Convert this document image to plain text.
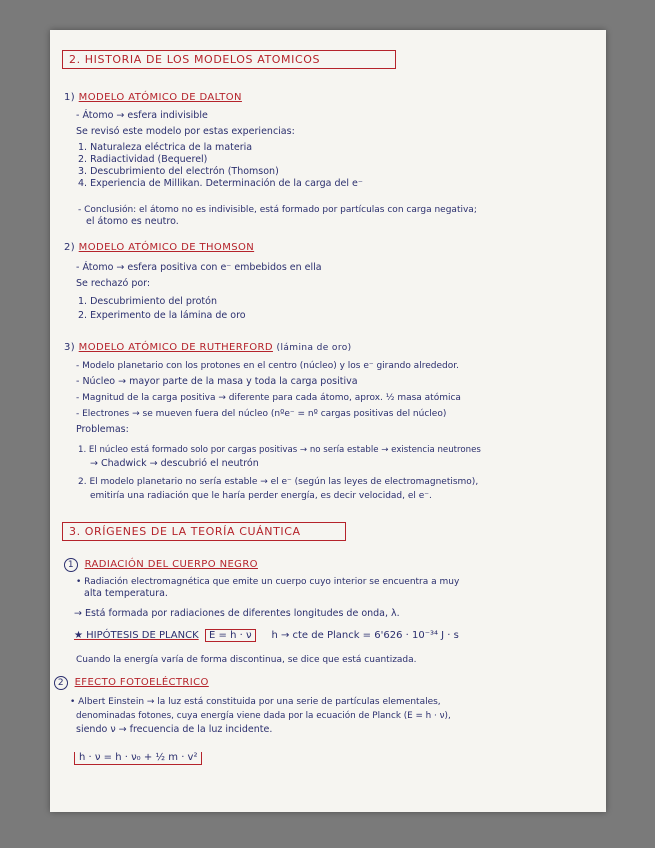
2. HISTORIA DE LOS MODELOS ATOMICOS
1) MODELO ATÓMICO DE DALTON
- Átomo → esfera indivisible
Se revisó este modelo por estas experiencias:
1. Naturaleza eléctrica de la materia
2. Radiactividad (Bequerel)
3. Descubrimiento del electrón (Thomson)
4. Experiencia de Millikan. Determinación de la carga del e⁻
- Conclusión: el átomo no es indivisible, está formado por partículas con carga negativa;
el átomo es neutro.
2) MODELO ATÓMICO DE THOMSON
- Átomo → esfera positiva con e⁻ embebidos en ella
Se rechazó por:
1. Descubrimiento del protón
2. Experimento de la lámina de oro
3) MODELO ATÓMICO DE RUTHERFORD (lámina de oro)
- Modelo planetario con los protones en el centro (núcleo) y los e⁻ girando alrededor.
- Núcleo → mayor parte de la masa y toda la carga positiva
- Magnitud de la carga positiva → diferente para cada átomo, aprox. ½ masa atómica
- Electrones → se mueven fuera del núcleo (nºe⁻ = nº cargas positivas del núcleo)
Problemas:
1. El núcleo está formado solo por cargas positivas → no sería estable → existencia neutrones
→ Chadwick → descubrió el neutrón
2. El modelo planetario no sería estable → el e⁻ (según las leyes de electromagnetismo),
emitiría una radiación que le haría perder energía, es decir velocidad, el e⁻.
3. ORÍGENES DE LA TEORÍA CUÁNTICA
1 RADIACIÓN DEL CUERPO NEGRO
• Radiación electromagnética que emite un cuerpo cuyo interior se encuentra a muy
alta temperatura.
→ Está formada por radiaciones de diferentes longitudes de onda, λ.
★ HIPÓTESIS DE PLANCK E = h · ν h → cte de Planck = 6'626 · 10⁻³⁴ J · s
Cuando la energía varía de forma discontinua, se dice que está cuantizada.
2 EFECTO FOTOELÉCTRICO
• Albert Einstein → la luz está constituida por una serie de partículas elementales,
denominadas fotones, cuya energía viene dada por la ecuación de Planck (E = h · ν),
siendo ν → frecuencia de la luz incidente.
h · ν = h · ν₀ + ½ m · v²
